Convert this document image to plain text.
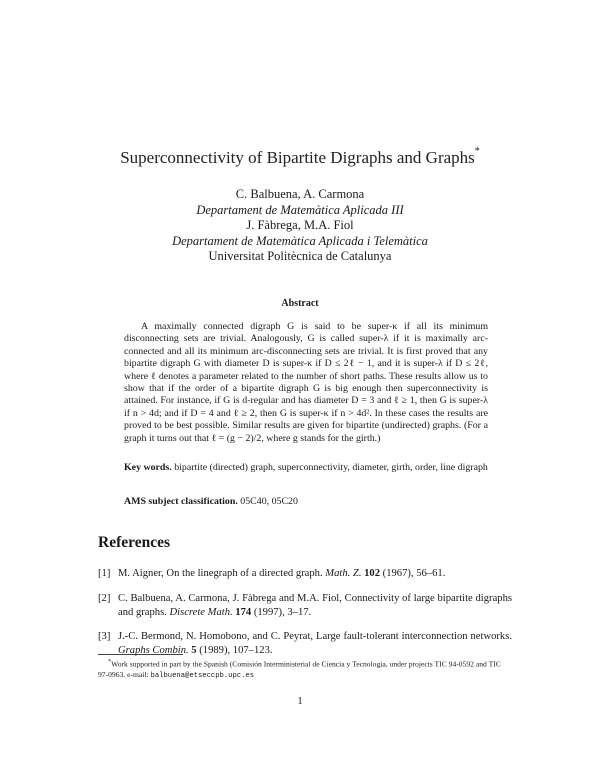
Superconnectivity of Bipartite Digraphs and Graphs*
C. Balbuena, A. Carmona
Departament de Matemàtica Aplicada III
J. Fàbrega, M.A. Fiol
Departament de Matemàtica Aplicada i Telemàtica
Universitat Politècnica de Catalunya
Abstract

A maximally connected digraph G is said to be super-κ if all its minimum disconnecting sets are trivial. Analogously, G is called super-λ if it is maximally arc-connected and all its minimum arc-disconnecting sets are trivial. It is first proved that any bipartite digraph G with diameter D is super-κ if D ≤ 2ℓ − 1, and it is super-λ if D ≤ 2ℓ, where ℓ denotes a parameter related to the number of short paths. These results allow us to show that if the order of a bipartite digraph G is big enough then superconnectivity is attained. For instance, if G is d-regular and has diameter D = 3 and ℓ ≥ 1, then G is super-λ if n > 4d; and if D = 4 and ℓ ≥ 2, then G is super-κ if n > 4d². In these cases the results are proved to be best possible. Similar results are given for bipartite (undirected) graphs. (For a graph it turns out that ℓ = (g − 2)/2, where g stands for the girth.)

Key words. bipartite (directed) graph, superconnectivity, diameter, girth, order, line digraph

AMS subject classification. 05C40, 05C20

References
[1] M. Aigner, On the linegraph of a directed graph. Math. Z. 102 (1967), 56–61.
[2] C. Balbuena, A. Carmona, J. Fàbrega and M.A. Fiol, Connectivity of large bipartite digraphs and graphs. Discrete Math. 174 (1997), 3–17.
[3] J.-C. Bermond, N. Homobono, and C. Peyrat, Large fault-tolerant interconnection networks. Graphs Combin. 5 (1989), 107–123.

*Work supported in part by the Spanish (Comisión Interministerial de Ciencia y Tecnología, under projects TIC 94-0592 and TIC 97-0963. e-mail: balbuena@etseccpb.upc.es

1
